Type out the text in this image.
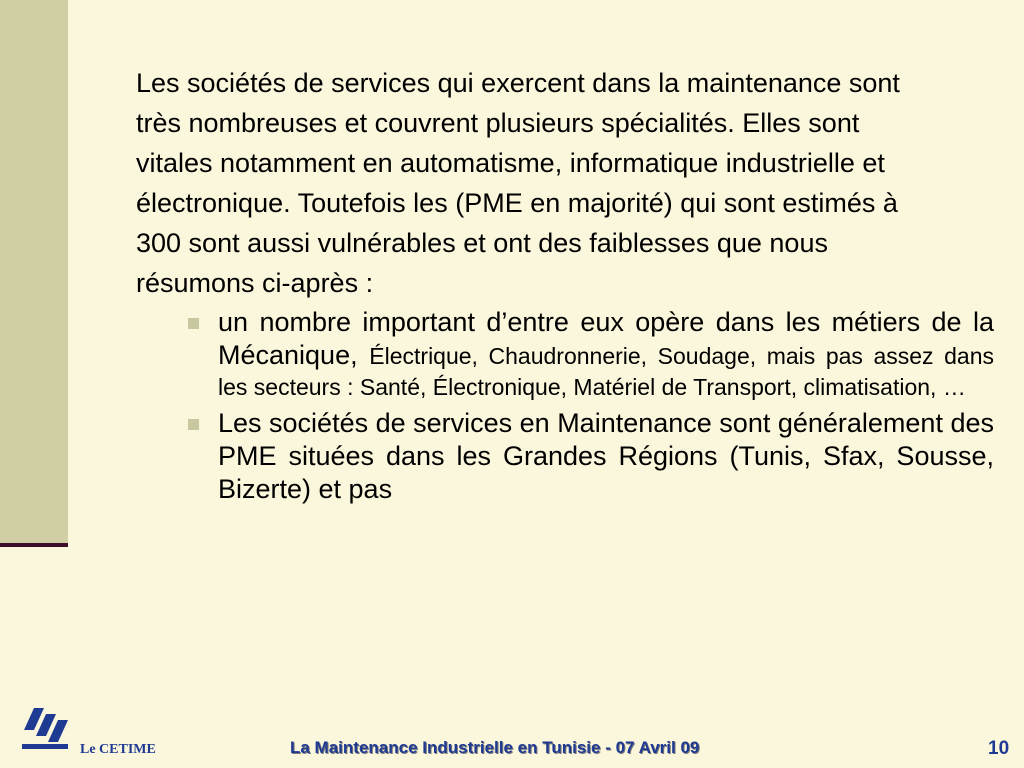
Les sociétés de services qui exercent dans la maintenance sont

très nombreuses et couvrent plusieurs spécialités. Elles sont

vitales notamment en automatisme, informatique industrielle et

électronique. Toutefois les (PME en majorité) qui sont estimés à

300 sont aussi vulnérables et ont des faiblesses que nous

résumons ci-après :

un nombre important d’entre eux opère dans les métiers de la Mécanique, Électrique, Chaudronnerie, Soudage, mais pas assez dans les secteurs : Santé, Électronique, Matériel de Transport, climatisation, …
Les sociétés de services en Maintenance sont généralement des PME situées dans les Grandes Régions (Tunis, Sfax, Sousse, Bizerte) et pas
Le CETIME	La Maintenance Industrielle en Tunisie - 07 Avril 09	10
